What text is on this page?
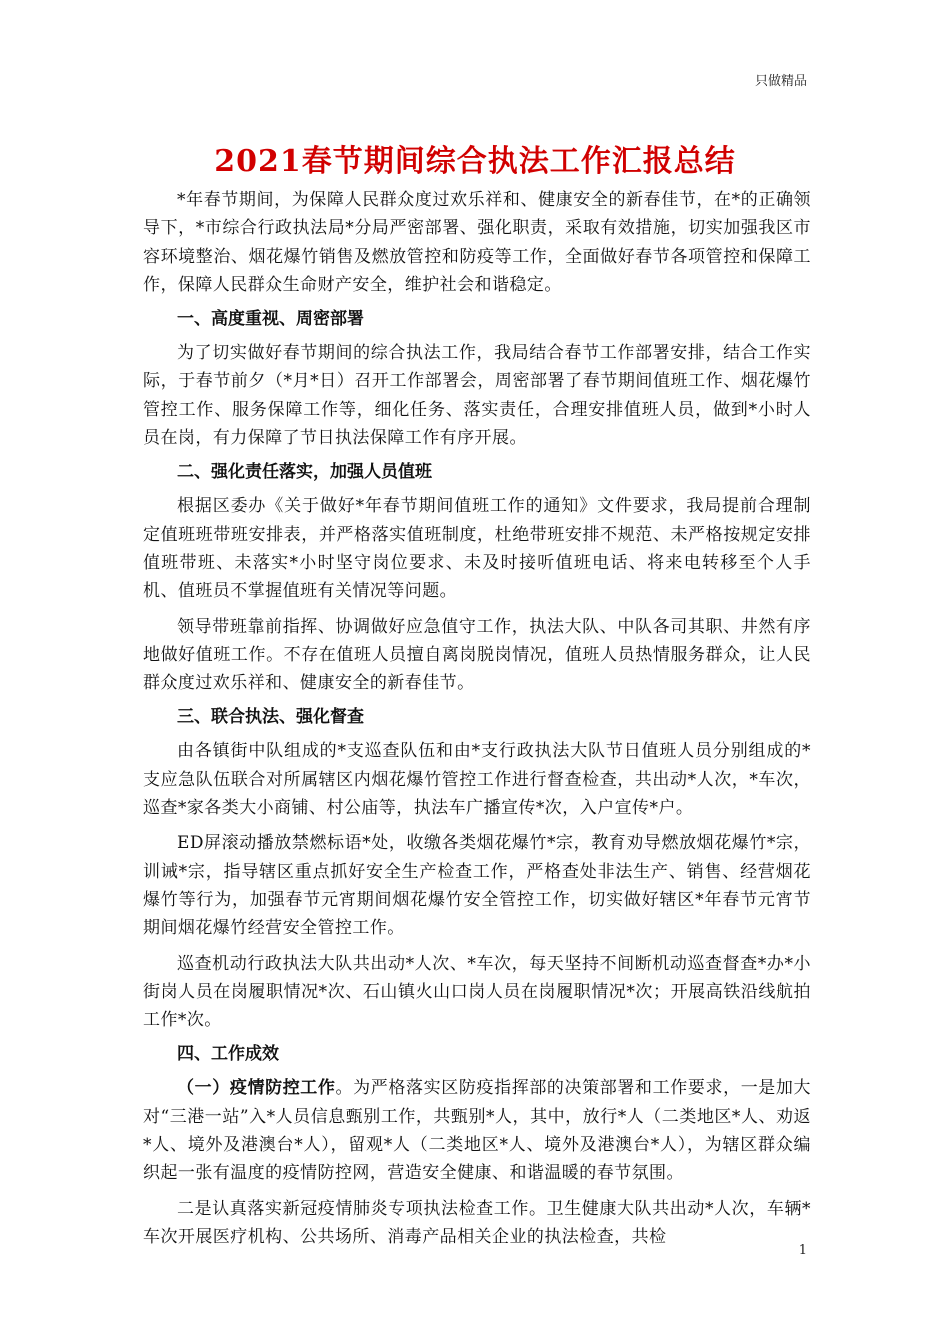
只做精品
2021春节期间综合执法工作汇报总结

*年春节期间，为保障人民群众度过欢乐祥和、健康安全的新春佳节，在*的正确领导下，*市综合行政执法局*分局严密部署、强化职责，采取有效措施，切实加强我区市容环境整治、烟花爆竹销售及燃放管控和防疫等工作，全面做好春节各项管控和保障工作，保障人民群众生命财产安全，维护社会和谐稳定。

一、高度重视、周密部署

为了切实做好春节期间的综合执法工作，我局结合春节工作部署安排，结合工作实际，于春节前夕（*月*日）召开工作部署会，周密部署了春节期间值班工作、烟花爆竹管控工作、服务保障工作等，细化任务、落实责任，合理安排值班人员，做到*小时人员在岗，有力保障了节日执法保障工作有序开展。

二、强化责任落实，加强人员值班

根据区委办《关于做好*年春节期间值班工作的通知》文件要求，我局提前合理制定值班班带班安排表，并严格落实值班制度，杜绝带班安排不规范、未严格按规定安排值班带班、未落实*小时坚守岗位要求、未及时接听值班电话、将来电转移至个人手机、值班员不掌握值班有关情况等问题。

领导带班靠前指挥、协调做好应急值守工作，执法大队、中队各司其职、井然有序地做好值班工作。不存在值班人员擅自离岗脱岗情况，值班人员热情服务群众，让人民群众度过欢乐祥和、健康安全的新春佳节。

三、联合执法、强化督查

由各镇街中队组成的*支巡查队伍和由*支行政执法大队节日值班人员分别组成的*支应急队伍联合对所属辖区内烟花爆竹管控工作进行督查检查，共出动*人次，*车次，巡查*家各类大小商铺、村公庙等，执法车广播宣传*次，入户宣传*户。

ED屏滚动播放禁燃标语*处，收缴各类烟花爆竹*宗，教育劝导燃放烟花爆竹*宗，训诫*宗，指导辖区重点抓好安全生产检查工作，严格查处非法生产、销售、经营烟花爆竹等行为，加强春节元宵期间烟花爆竹安全管控工作，切实做好辖区*年春节元宵节期间烟花爆竹经营安全管控工作。

巡查机动行政执法大队共出动*人次、*车次，每天坚持不间断机动巡查督查*办*小街岗人员在岗履职情况*次、石山镇火山口岗人员在岗履职情况*次；开展高铁沿线航拍工作*次。

四、工作成效

（一）疫情防控工作。为严格落实区防疫指挥部的决策部署和工作要求，一是加大对“三港一站”入*人员信息甄别工作，共甄别*人，其中，放行*人（二类地区*人、劝返*人、境外及港澳台*人），留观*人（二类地区*人、境外及港澳台*人），为辖区群众编织起一张有温度的疫情防控网，营造安全健康、和谐温暖的春节氛围。

二是认真落实新冠疫情肺炎专项执法检查工作。卫生健康大队共出动*人次，车辆*车次开展医疗机构、公共场所、消毒产品相关企业的执法检查，共检

1
